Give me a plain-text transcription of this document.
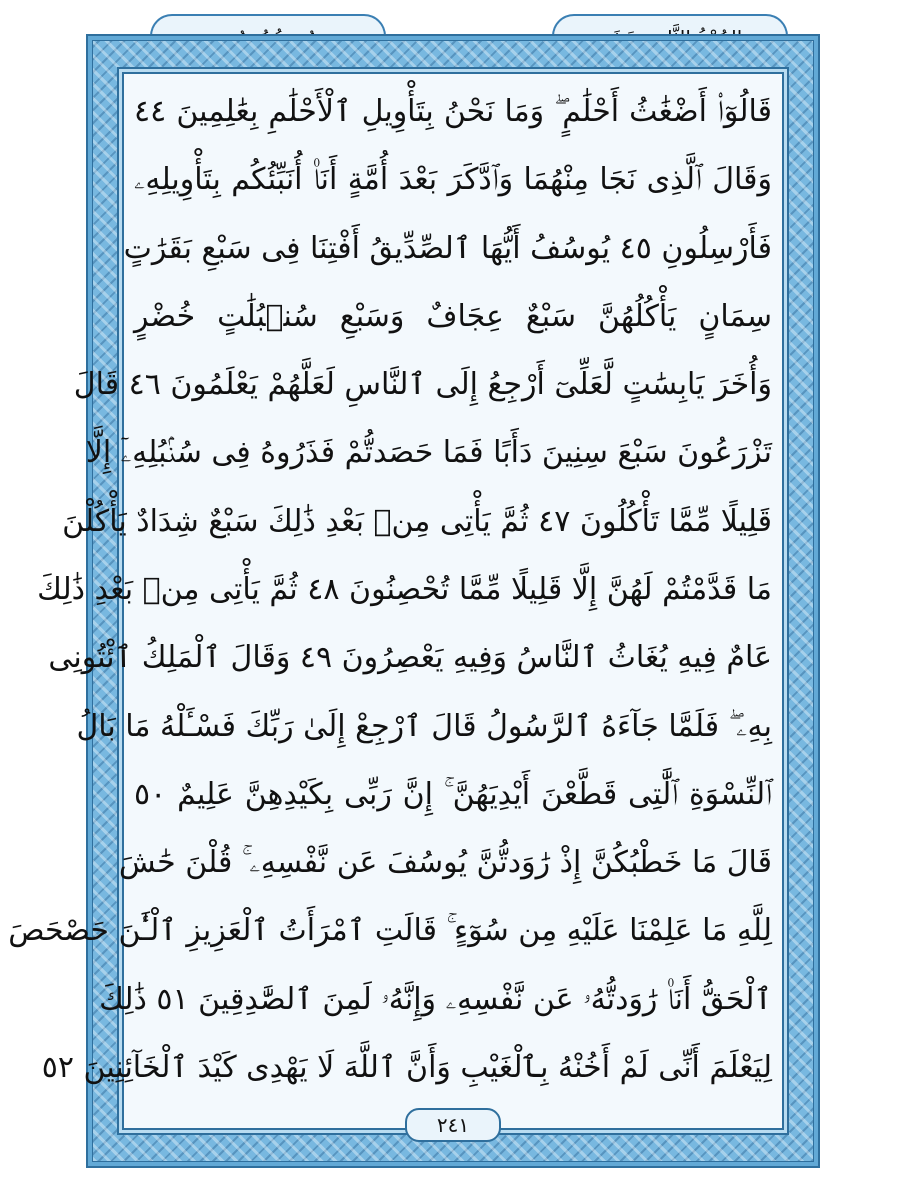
قَالُوٓا۟ أَضْغَٰثُ أَحْلَٰمٍ ۖ وَمَا نَحْنُ بِتَأْوِيلِ ٱلْأَحْلَٰمِ بِعَٰلِمِينَ ٤٤
وَقَالَ ٱلَّذِى نَجَا مِنْهُمَا وَٱدَّكَرَ بَعْدَ أُمَّةٍ أَنَا۠ أُنَبِّئُكُم بِتَأْوِيلِهِۦ
فَأَرْسِلُونِ ٤٥ يُوسُفُ أَيُّهَا ٱلصِّدِّيقُ أَفْتِنَا فِى سَبْعِ بَقَرَٰتٍ
سِمَانٍ يَأْكُلُهُنَّ سَبْعٌ عِجَافٌ وَسَبْعِ سُنۢبُلَٰتٍ خُضْرٍ
وَأُخَرَ يَابِسَٰتٍ لَّعَلِّىٓ أَرْجِعُ إِلَى ٱلنَّاسِ لَعَلَّهُمْ يَعْلَمُونَ ٤٦ قَالَ
تَزْرَعُونَ سَبْعَ سِنِينَ دَأَبًا فَمَا حَصَدتُّمْ فَذَرُوهُ فِى سُنۢبُلِهِۦٓ إِلَّا
قَلِيلًا مِّمَّا تَأْكُلُونَ ٤٧ ثُمَّ يَأْتِى مِنۢ بَعْدِ ذَٰلِكَ سَبْعٌ شِدَادٌ يَأْكُلْنَ
مَا قَدَّمْتُمْ لَهُنَّ إِلَّا قَلِيلًا مِّمَّا تُحْصِنُونَ ٤٨ ثُمَّ يَأْتِى مِنۢ بَعْدِ ذَٰلِكَ
عَامٌ فِيهِ يُغَاثُ ٱلنَّاسُ وَفِيهِ يَعْصِرُونَ ٤٩ وَقَالَ ٱلْمَلِكُ ٱئْتُونِى
بِهِۦ ۖ فَلَمَّا جَآءَهُ ٱلرَّسُولُ قَالَ ٱرْجِعْ إِلَىٰ رَبِّكَ فَسْـَٔلْهُ مَا بَالُ
ٱلنِّسْوَةِ ٱلَّٰتِى قَطَّعْنَ أَيْدِيَهُنَّ ۚ إِنَّ رَبِّى بِكَيْدِهِنَّ عَلِيمٌ ٥٠
قَالَ مَا خَطْبُكُنَّ إِذْ رَٰوَدتُّنَّ يُوسُفَ عَن نَّفْسِهِۦ ۚ قُلْنَ حَٰشَ
لِلَّهِ مَا عَلِمْنَا عَلَيْهِ مِن سُوٓءٍ ۚ قَالَتِ ٱمْرَأَتُ ٱلْعَزِيزِ ٱلْـَٰٔنَ حَصْحَصَ
ٱلْحَقُّ أَنَا۠ رَٰوَدتُّهُۥ عَن نَّفْسِهِۦ وَإِنَّهُۥ لَمِنَ ٱلصَّٰدِقِينَ ٥١ ذَٰلِكَ
لِيَعْلَمَ أَنِّى لَمْ أَخُنْهُ بِٱلْغَيْبِ وَأَنَّ ٱللَّهَ لَا يَهْدِى كَيْدَ ٱلْخَآئِنِينَ ٥٢
٢٤١
